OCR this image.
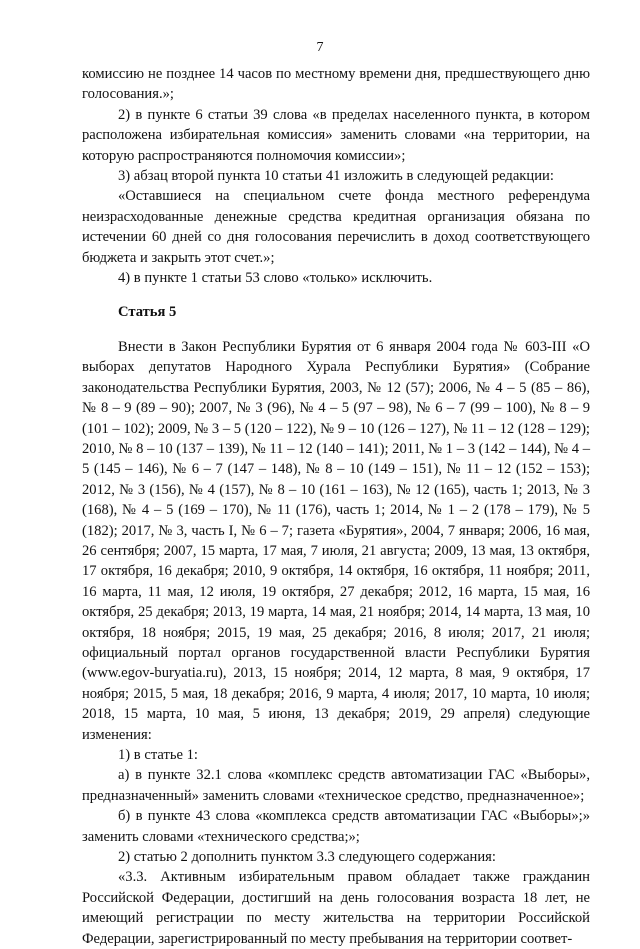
7

комиссию не позднее 14 часов по местному времени дня, предшествующего дню голосования.»;

2) в пункте 6 статьи 39 слова «в пределах населенного пункта, в котором расположена избирательная комиссия» заменить словами «на территории, на которую распространяются полномочия комиссии»;

3) абзац второй пункта 10 статьи 41 изложить в следующей редакции:

«Оставшиеся на специальном счете фонда местного референдума неизрасходованные денежные средства кредитная организация обязана по истечении 60 дней со дня голосования перечислить в доход соответствующего бюджета и закрыть этот счет.»;

4) в пункте 1 статьи 53 слово «только» исключить.

Статья 5

Внести в Закон Республики Бурятия от 6 января 2004 года № 603-III «О выборах депутатов Народного Хурала Республики Бурятия» (Собрание законодательства Республики Бурятия, 2003, № 12 (57); 2006, № 4 – 5 (85 – 86), № 8 – 9 (89 – 90); 2007, № 3 (96), № 4 – 5 (97 – 98), № 6 – 7 (99 – 100), № 8 – 9 (101 – 102); 2009, № 3 – 5 (120 – 122), № 9 – 10 (126 – 127), № 11 – 12 (128 – 129); 2010, № 8 – 10 (137 – 139), № 11 – 12 (140 – 141); 2011, № 1 – 3 (142 – 144), № 4 – 5 (145 – 146), № 6 – 7 (147 – 148), № 8 – 10 (149 – 151), № 11 – 12 (152 – 153); 2012, № 3 (156), № 4 (157), № 8 – 10 (161 – 163), № 12 (165), часть 1; 2013, № 3 (168), № 4 – 5 (169 – 170), № 11 (176), часть 1; 2014, № 1 – 2 (178 – 179), № 5 (182); 2017, № 3, часть I, № 6 – 7; газета «Бурятия», 2004, 7 января; 2006, 16 мая, 26 сентября; 2007, 15 марта, 17 мая, 7 июля, 21 августа; 2009, 13 мая, 13 октября, 17 октября, 16 декабря; 2010, 9 октября, 14 октября, 16 октября, 11 ноября; 2011, 16 марта, 11 мая, 12 июля, 19 октября, 27 декабря; 2012, 16 марта, 15 мая, 16 октября, 25 декабря; 2013, 19 марта, 14 мая, 21 ноября; 2014, 14 марта, 13 мая, 10 октября, 18 ноября; 2015, 19 мая, 25 декабря; 2016, 8 июля; 2017, 21 июля; официальный портал органов государственной власти Республики Бурятия (www.egov-buryatia.ru), 2013, 15 ноября; 2014, 12 марта, 8 мая, 9 октября, 17 ноября; 2015, 5 мая, 18 декабря; 2016, 9 марта, 4 июля; 2017, 10 марта, 10 июля; 2018, 15 марта, 10 мая, 5 июня, 13 декабря; 2019, 29 апреля) следующие изменения:

1) в статье 1:

а) в пункте 32.1 слова «комплекс средств автоматизации ГАС «Выборы», предназначенный» заменить словами «техническое средство, предназначенное»;

б) в пункте 43 слова «комплекса средств автоматизации ГАС «Выборы»;» заменить словами «технического средства;»;

2) статью 2 дополнить пунктом 3.3 следующего содержания:

«3.3. Активным избирательным правом обладает также гражданин Российской Федерации, достигший на день голосования возраста 18 лет, не имеющий регистрации по месту жительства на территории Российской Федерации, зарегистрированный по месту пребывания на территории соответ-
